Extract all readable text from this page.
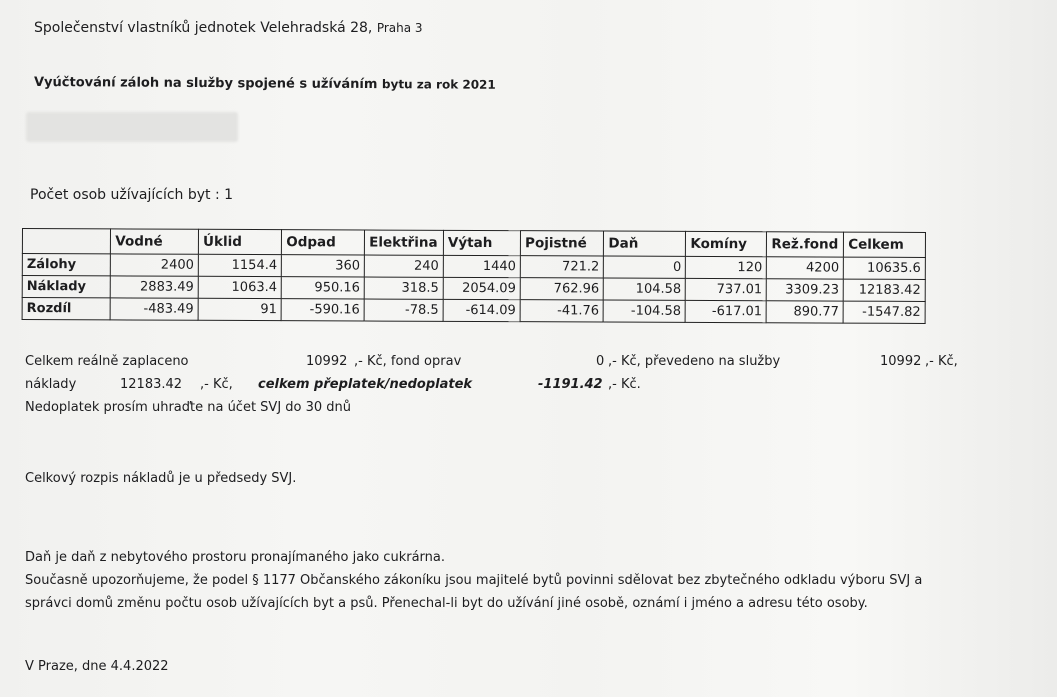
Společenství vlastníků jednotek Velehradská 28, Praha 3
Vyúčtování záloh na služby spojené s užíváním bytu za rok 2021
Počet osob užívajících byt : 1
	Vodné	Úklid	Odpad	Elektřina	Výtah	Pojistné	Daň	Komíny	Rež.fond	Celkem
Zálohy	2400	1154.4	360	240	1440	721.2	0	120	4200	10635.6
Náklady	2883.49	1063.4	950.16	318.5	2054.09	762.96	104.58	737.01	3309.23	12183.42
Rozdíl	-483.49	91	-590.16	-78.5	-614.09	-41.76	-104.58	-617.01	890.77	-1547.82
Celkem reálně zaplaceno	10992 ,- Kč, fond oprav	0 ,- Kč, převedeno na služby	10992 ,- Kč,
náklady	12183.42 ,- Kč, celkem přeplatek/nedoplatek	-1191.42 ,- Kč.
Nedoplatek prosím uhraďte na účet SVJ do 30 dnů
Celkový rozpis nákladů je u předsedy SVJ.
Daň je daň z nebytového prostoru pronajímaného jako cukrárna.
Současně upozorňujeme, že podel § 1177 Občanského zákoníku jsou majitelé bytů povinni sdělovat bez zbytečného odkladu výboru SVJ a
správci domů změnu počtu osob užívajících byt a psů. Přenechal-li byt do užívání jiné osobě, oznámí i jméno a adresu této osoby.
V Praze, dne 4.4.2022
